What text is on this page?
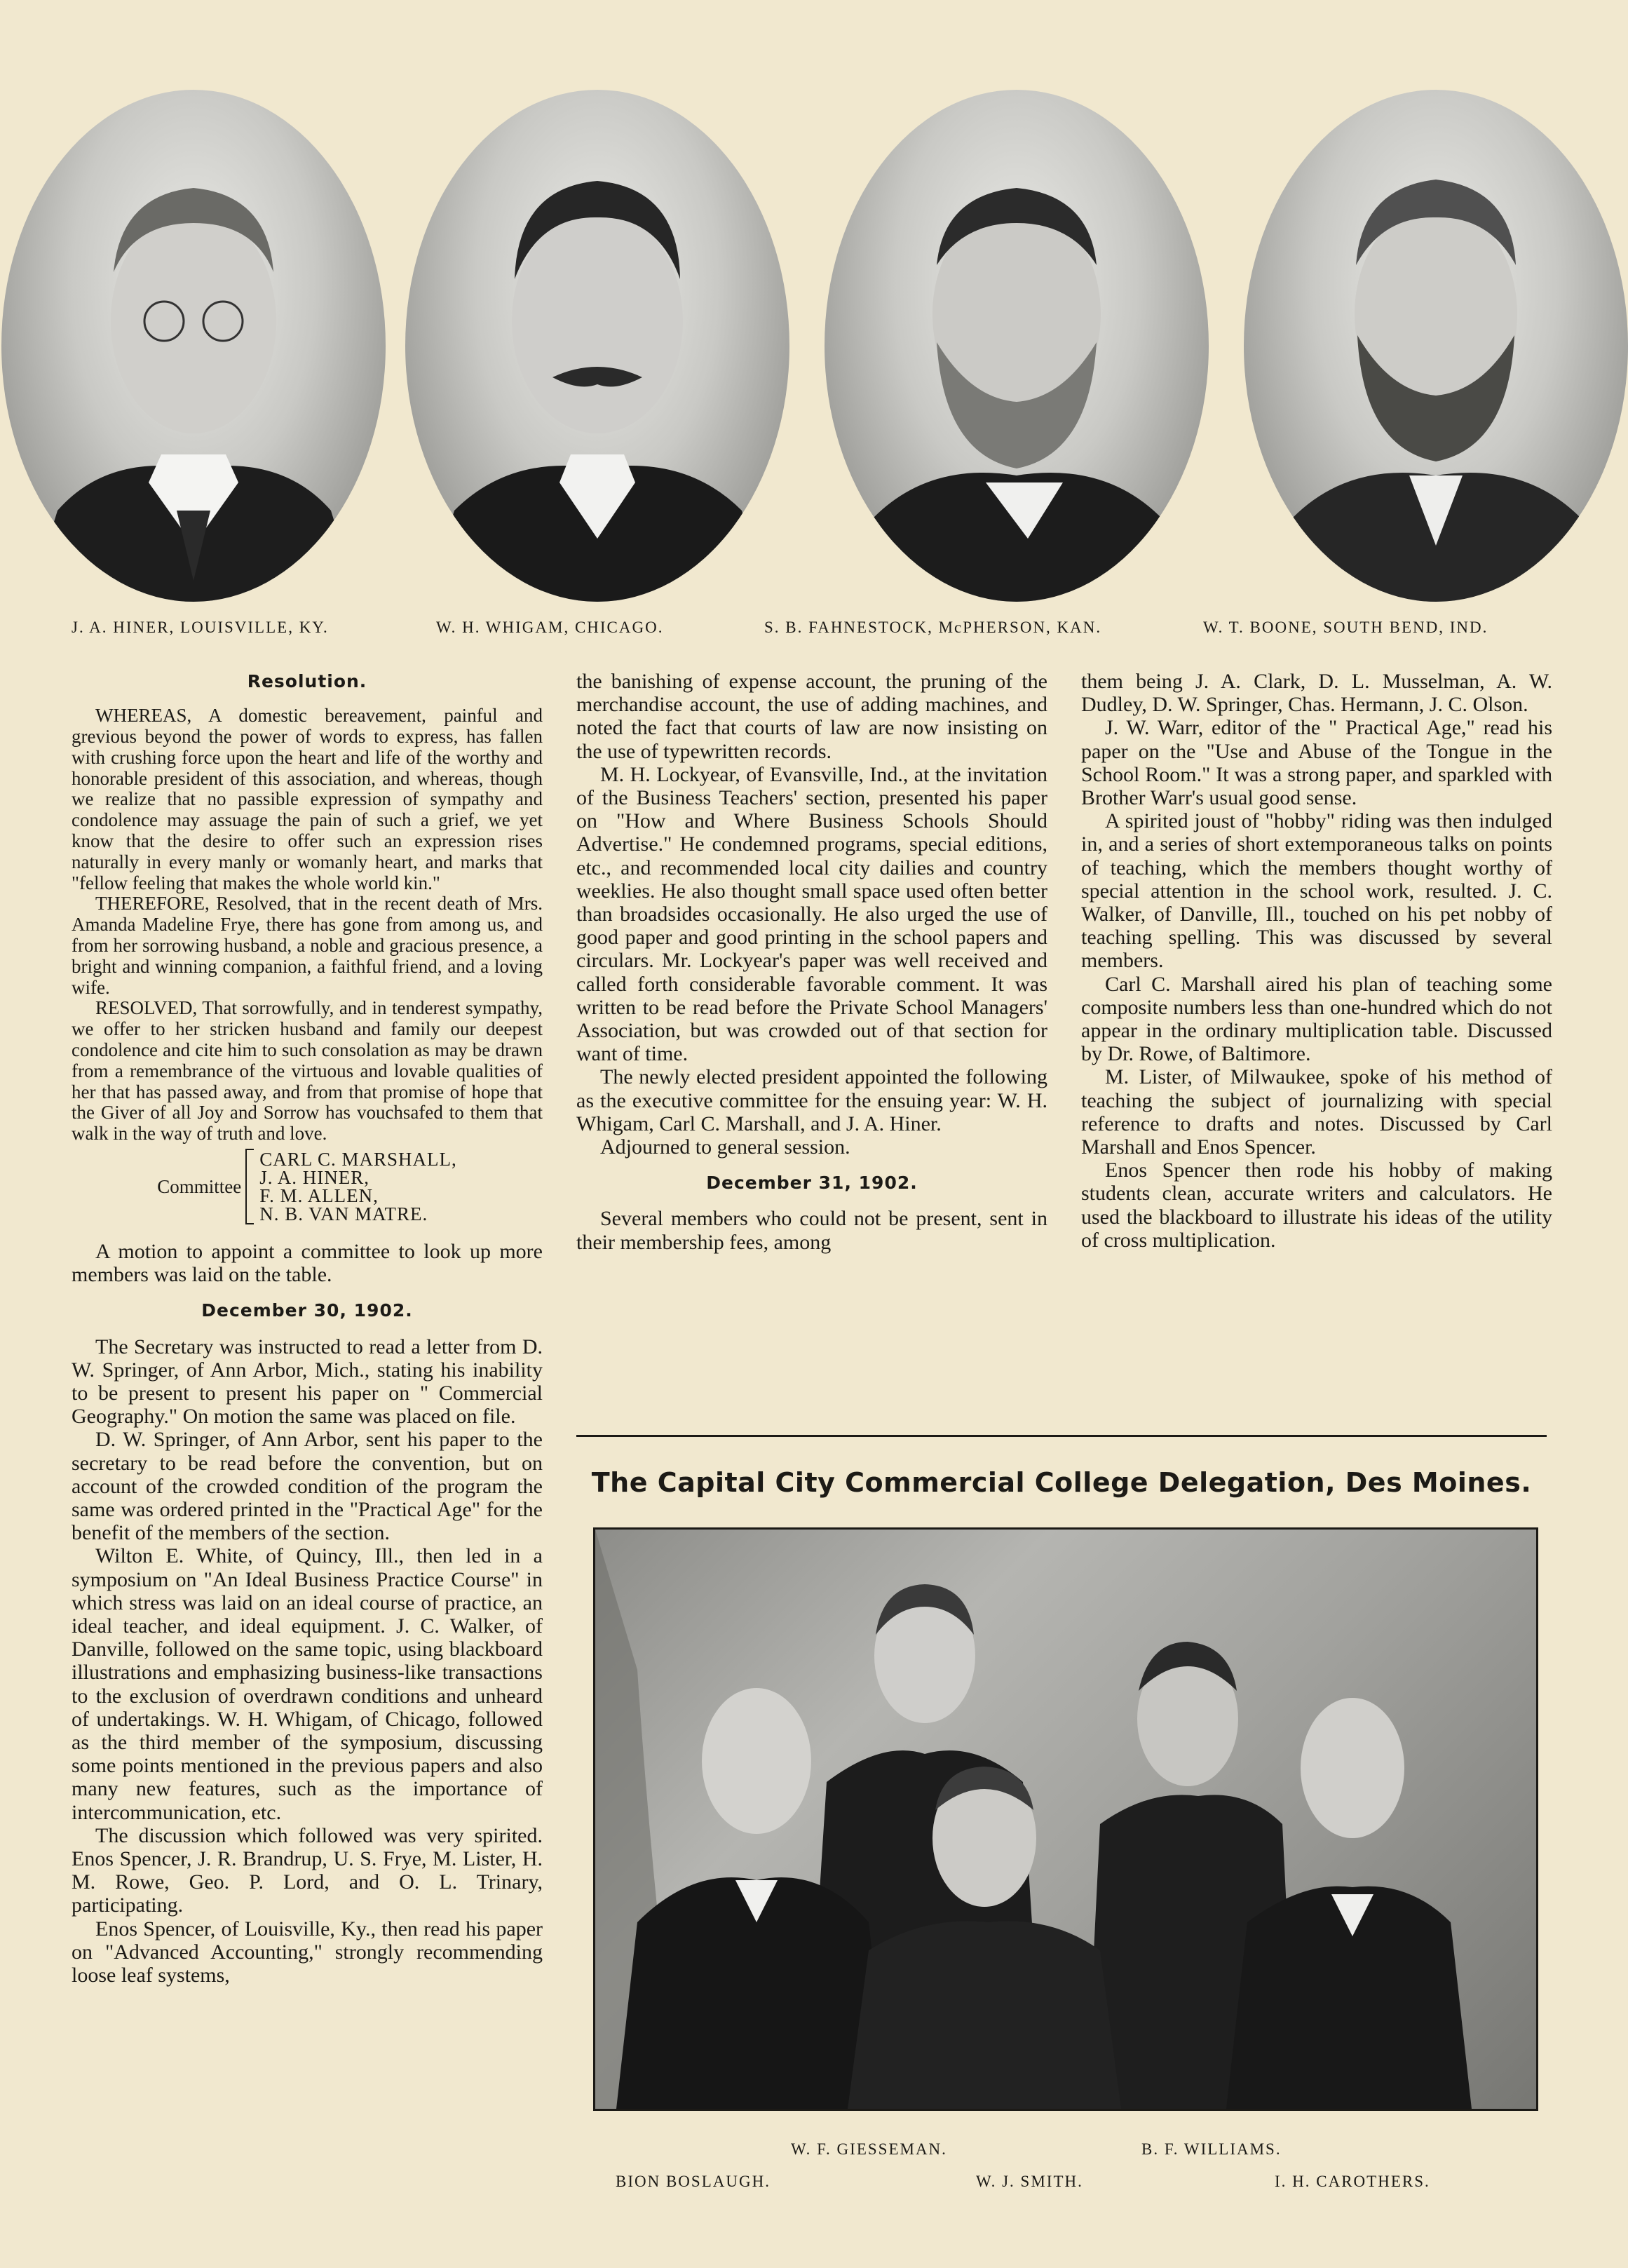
J. A. HINER, LOUISVILLE, KY.	W. H. WHIGAM, CHICAGO.	S. B. FAHNESTOCK, McPHERSON, KAN.	W. T. BOONE, SOUTH BEND, IND.
Resolution.

WHEREAS, A domestic bereavement, painful and grevious beyond the power of words to express, has fallen with crushing force upon the heart and life of the worthy and honorable president of this association, and whereas, though we realize that no passible expression of sympathy and condolence may assuage the pain of such a grief, we yet know that the desire to offer such an expression rises naturally in every manly or womanly heart, and marks that "fellow feeling that makes the whole world kin."

THEREFORE, Resolved, that in the recent death of Mrs. Amanda Madeline Frye, there has gone from among us, and from her sorrowing husband, a noble and gracious presence, a bright and winning companion, a faithful friend, and a loving wife.

RESOLVED, That sorrowfully, and in tenderest sympathy, we offer to her stricken husband and family our deepest condolence and cite him to such consolation as may be drawn from a remembrance of the virtuous and lovable qualities of her that has passed away, and from that promise of hope that the Giver of all Joy and Sorrow has vouchsafed to them that walk in the way of truth and love.

Committee
CARL C. MARSHALL,
J. A. HINER,
F. M. ALLEN,
N. B. VAN MATRE.

A motion to appoint a committee to look up more members was laid on the table.

December 30, 1902.

The Secretary was instructed to read a letter from D. W. Springer, of Ann Arbor, Mich., stating his inability to be present to present his paper on " Commercial Geography." On motion the same was placed on file.

D. W. Springer, of Ann Arbor, sent his paper to the secretary to be read before the convention, but on account of the crowded condition of the program the same was ordered printed in the "Practical Age" for the benefit of the members of the section.

Wilton E. White, of Quincy, Ill., then led in a symposium on "An Ideal Business Practice Course" in which stress was laid on an ideal course of practice, an ideal teacher, and ideal equipment. J. C. Walker, of Danville, followed on the same topic, using blackboard illustrations and emphasizing business-like transactions to the exclusion of overdrawn conditions and unheard of undertakings. W. H. Whigam, of Chicago, followed as the third member of the symposium, discussing some points mentioned in the previous papers and also many new features, such as the importance of intercommunication, etc.

The discussion which followed was very spirited. Enos Spencer, J. R. Brandrup, U. S. Frye, M. Lister, H. M. Rowe, Geo. P. Lord, and O. L. Trinary, participating.

Enos Spencer, of Louisville, Ky., then read his paper on "Advanced Accounting," strongly recommending loose leaf systems,

the banishing of expense account, the pruning of the merchandise account, the use of adding machines, and noted the fact that courts of law are now insisting on the use of typewritten records.

M. H. Lockyear, of Evansville, Ind., at the invitation of the Business Teachers' section, presented his paper on "How and Where Business Schools Should Advertise." He condemned programs, special editions, etc., and recommended local city dailies and country weeklies. He also thought small space used often better than broadsides occasionally. He also urged the use of good paper and good printing in the school papers and circulars. Mr. Lockyear's paper was well received and called forth considerable favorable comment. It was written to be read before the Private School Managers' Association, but was crowded out of that section for want of time.

The newly elected president appointed the following as the executive committee for the ensuing year: W. H. Whigam, Carl C. Marshall, and J. A. Hiner.

Adjourned to general session.

December 31, 1902.

Several members who could not be present, sent in their membership fees, among

them being J. A. Clark, D. L. Musselman, A. W. Dudley, D. W. Springer, Chas. Hermann, J. C. Olson.

J. W. Warr, editor of the " Practical Age," read his paper on the "Use and Abuse of the Tongue in the School Room." It was a strong paper, and sparkled with Brother Warr's usual good sense.

A spirited joust of "hobby" riding was then indulged in, and a series of short extemporaneous talks on points of teaching, which the members thought worthy of special attention in the school work, resulted. J. C. Walker, of Danville, Ill., touched on his pet nobby of teaching spelling. This was discussed by several members.

Carl C. Marshall aired his plan of teaching some composite numbers less than one-hundred which do not appear in the ordinary multiplication table. Discussed by Dr. Rowe, of Baltimore.

M. Lister, of Milwaukee, spoke of his method of teaching the subject of journalizing with special reference to drafts and notes. Discussed by Carl Marshall and Enos Spencer.

Enos Spencer then rode his hobby of making students clean, accurate writers and calculators. He used the blackboard to illustrate his ideas of the utility of cross multiplication.

The Capital City Commercial College Delegation, Des Moines.
W. F. GIESSEMAN.	B. F. WILLIAMS.
BION BOSLAUGH.	W. J. SMITH.	I. H. CAROTHERS.
